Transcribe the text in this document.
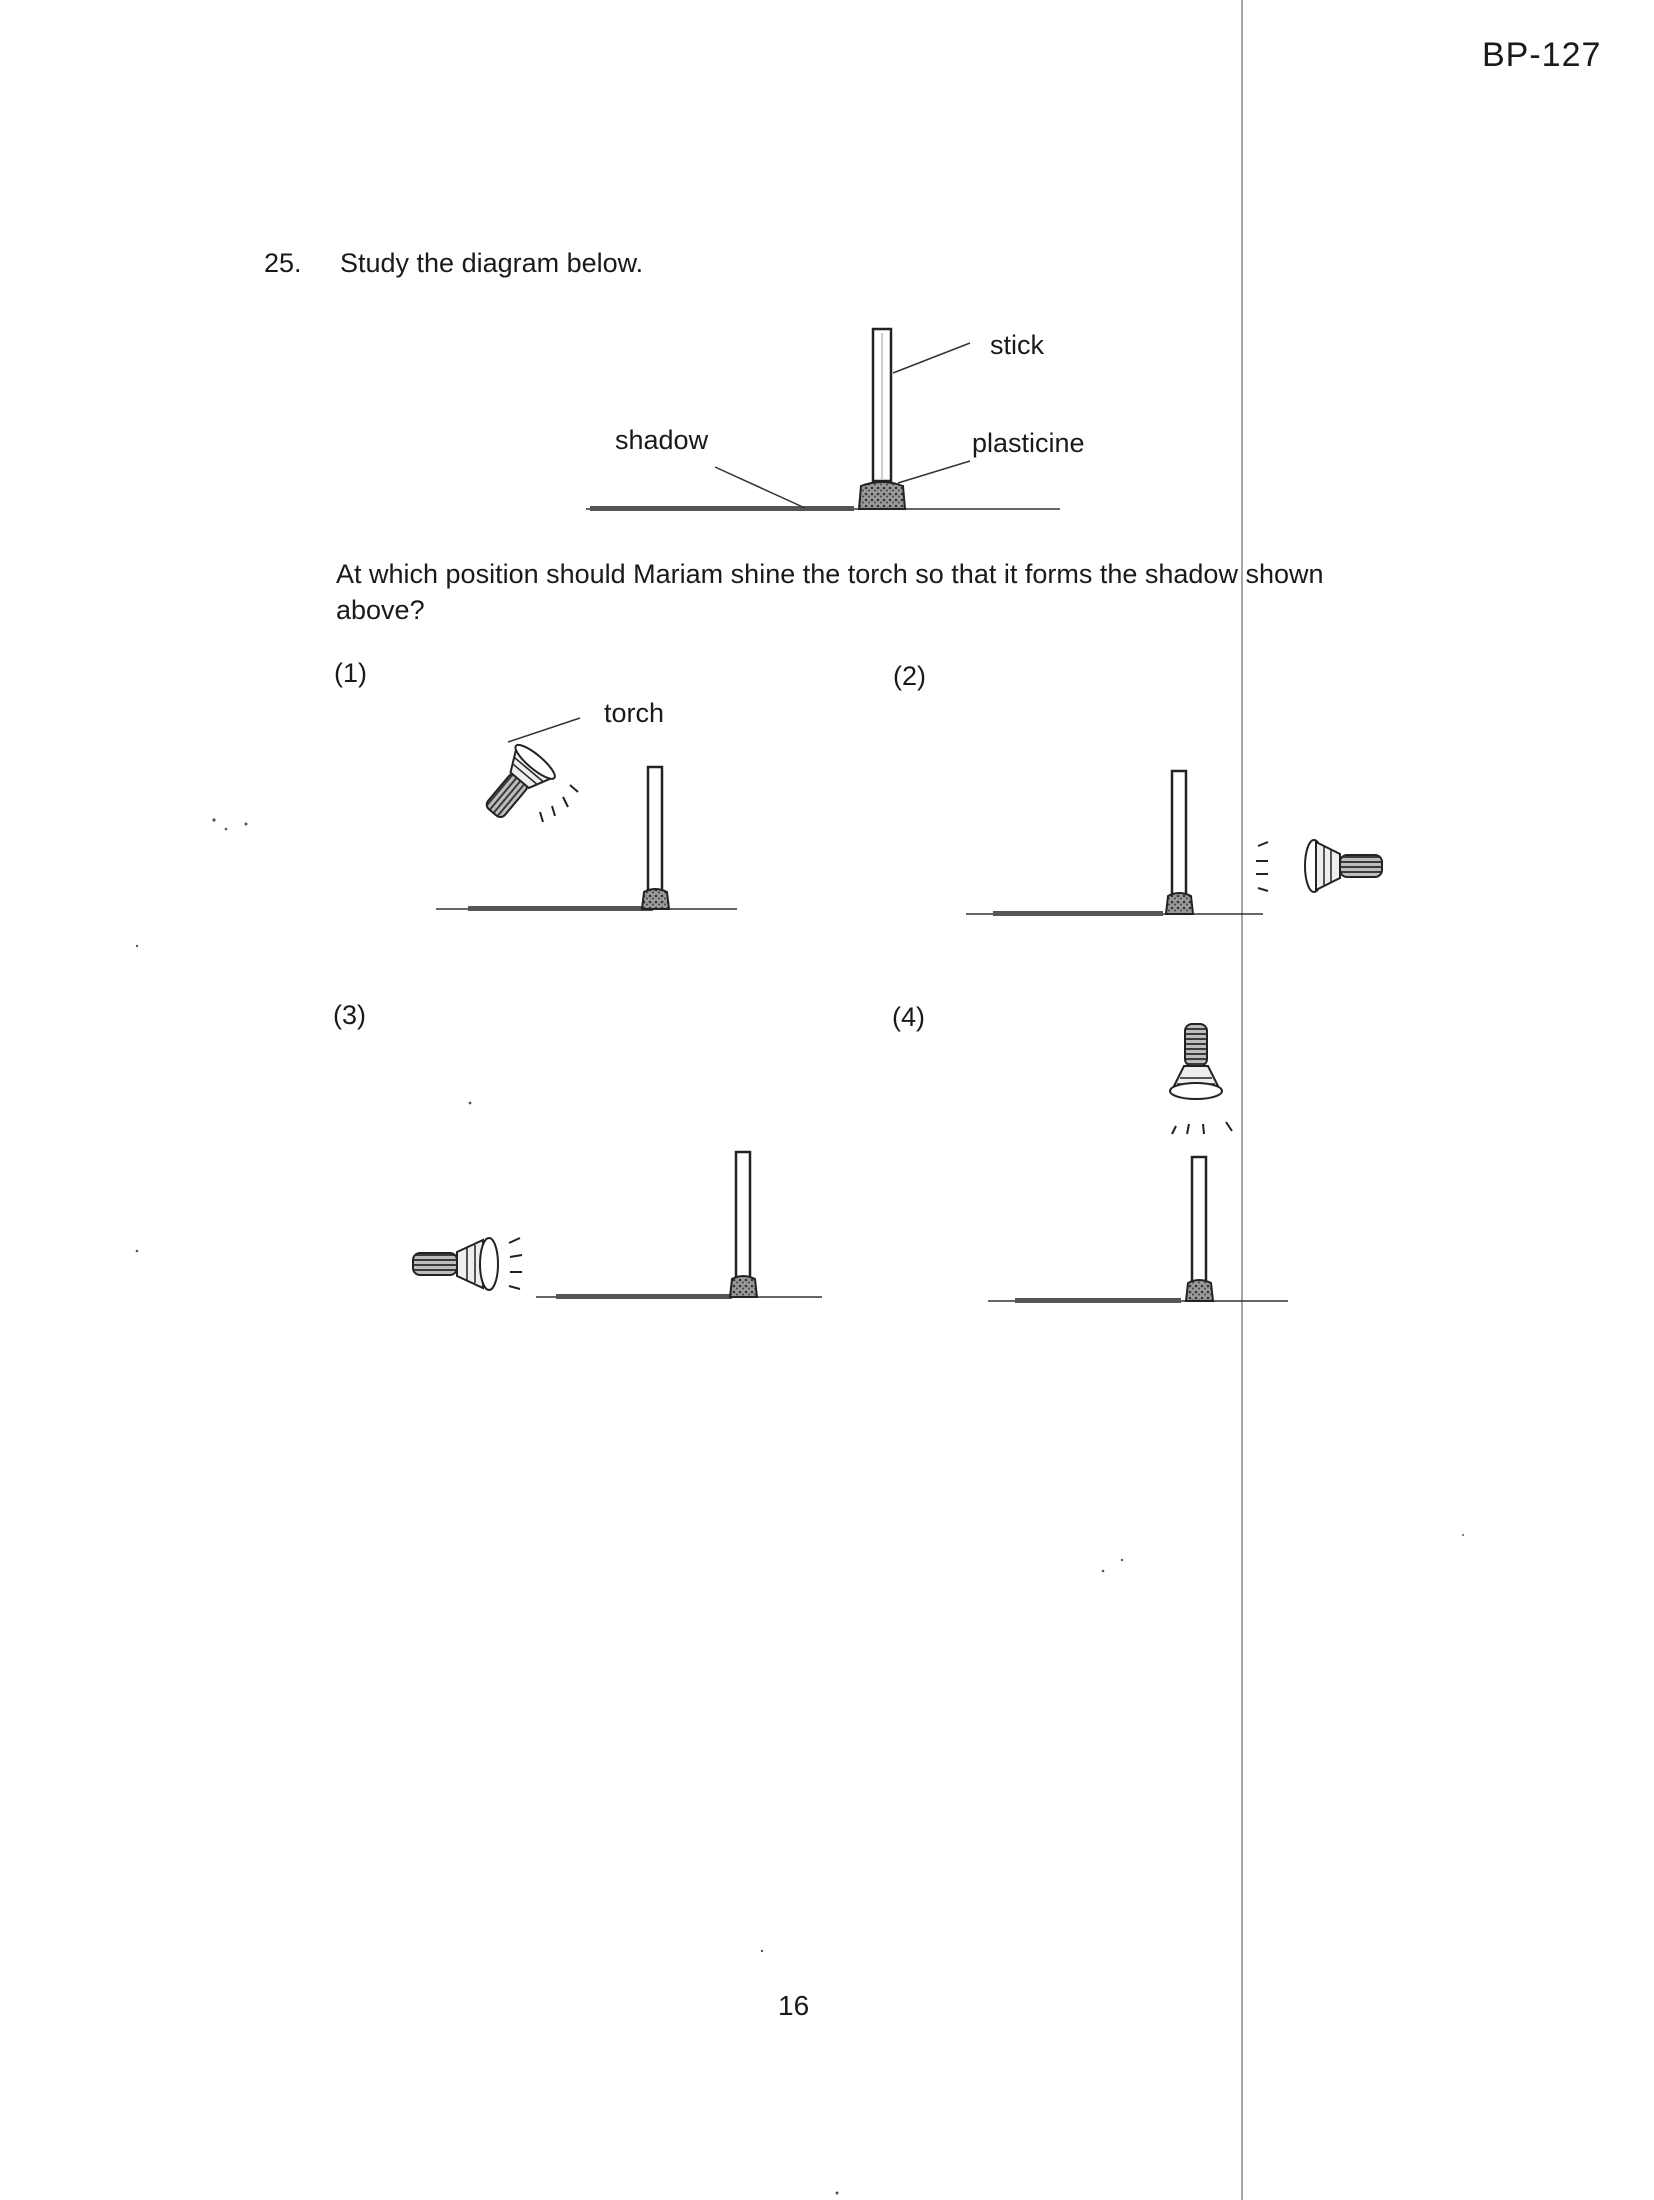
BP-127
25. Study the diagram below.
At which position should Mariam shine the torch so that it forms the shadow shown above?
(1)	(2)
(3)	(4)
16
stick
plasticine
shadow
torch
